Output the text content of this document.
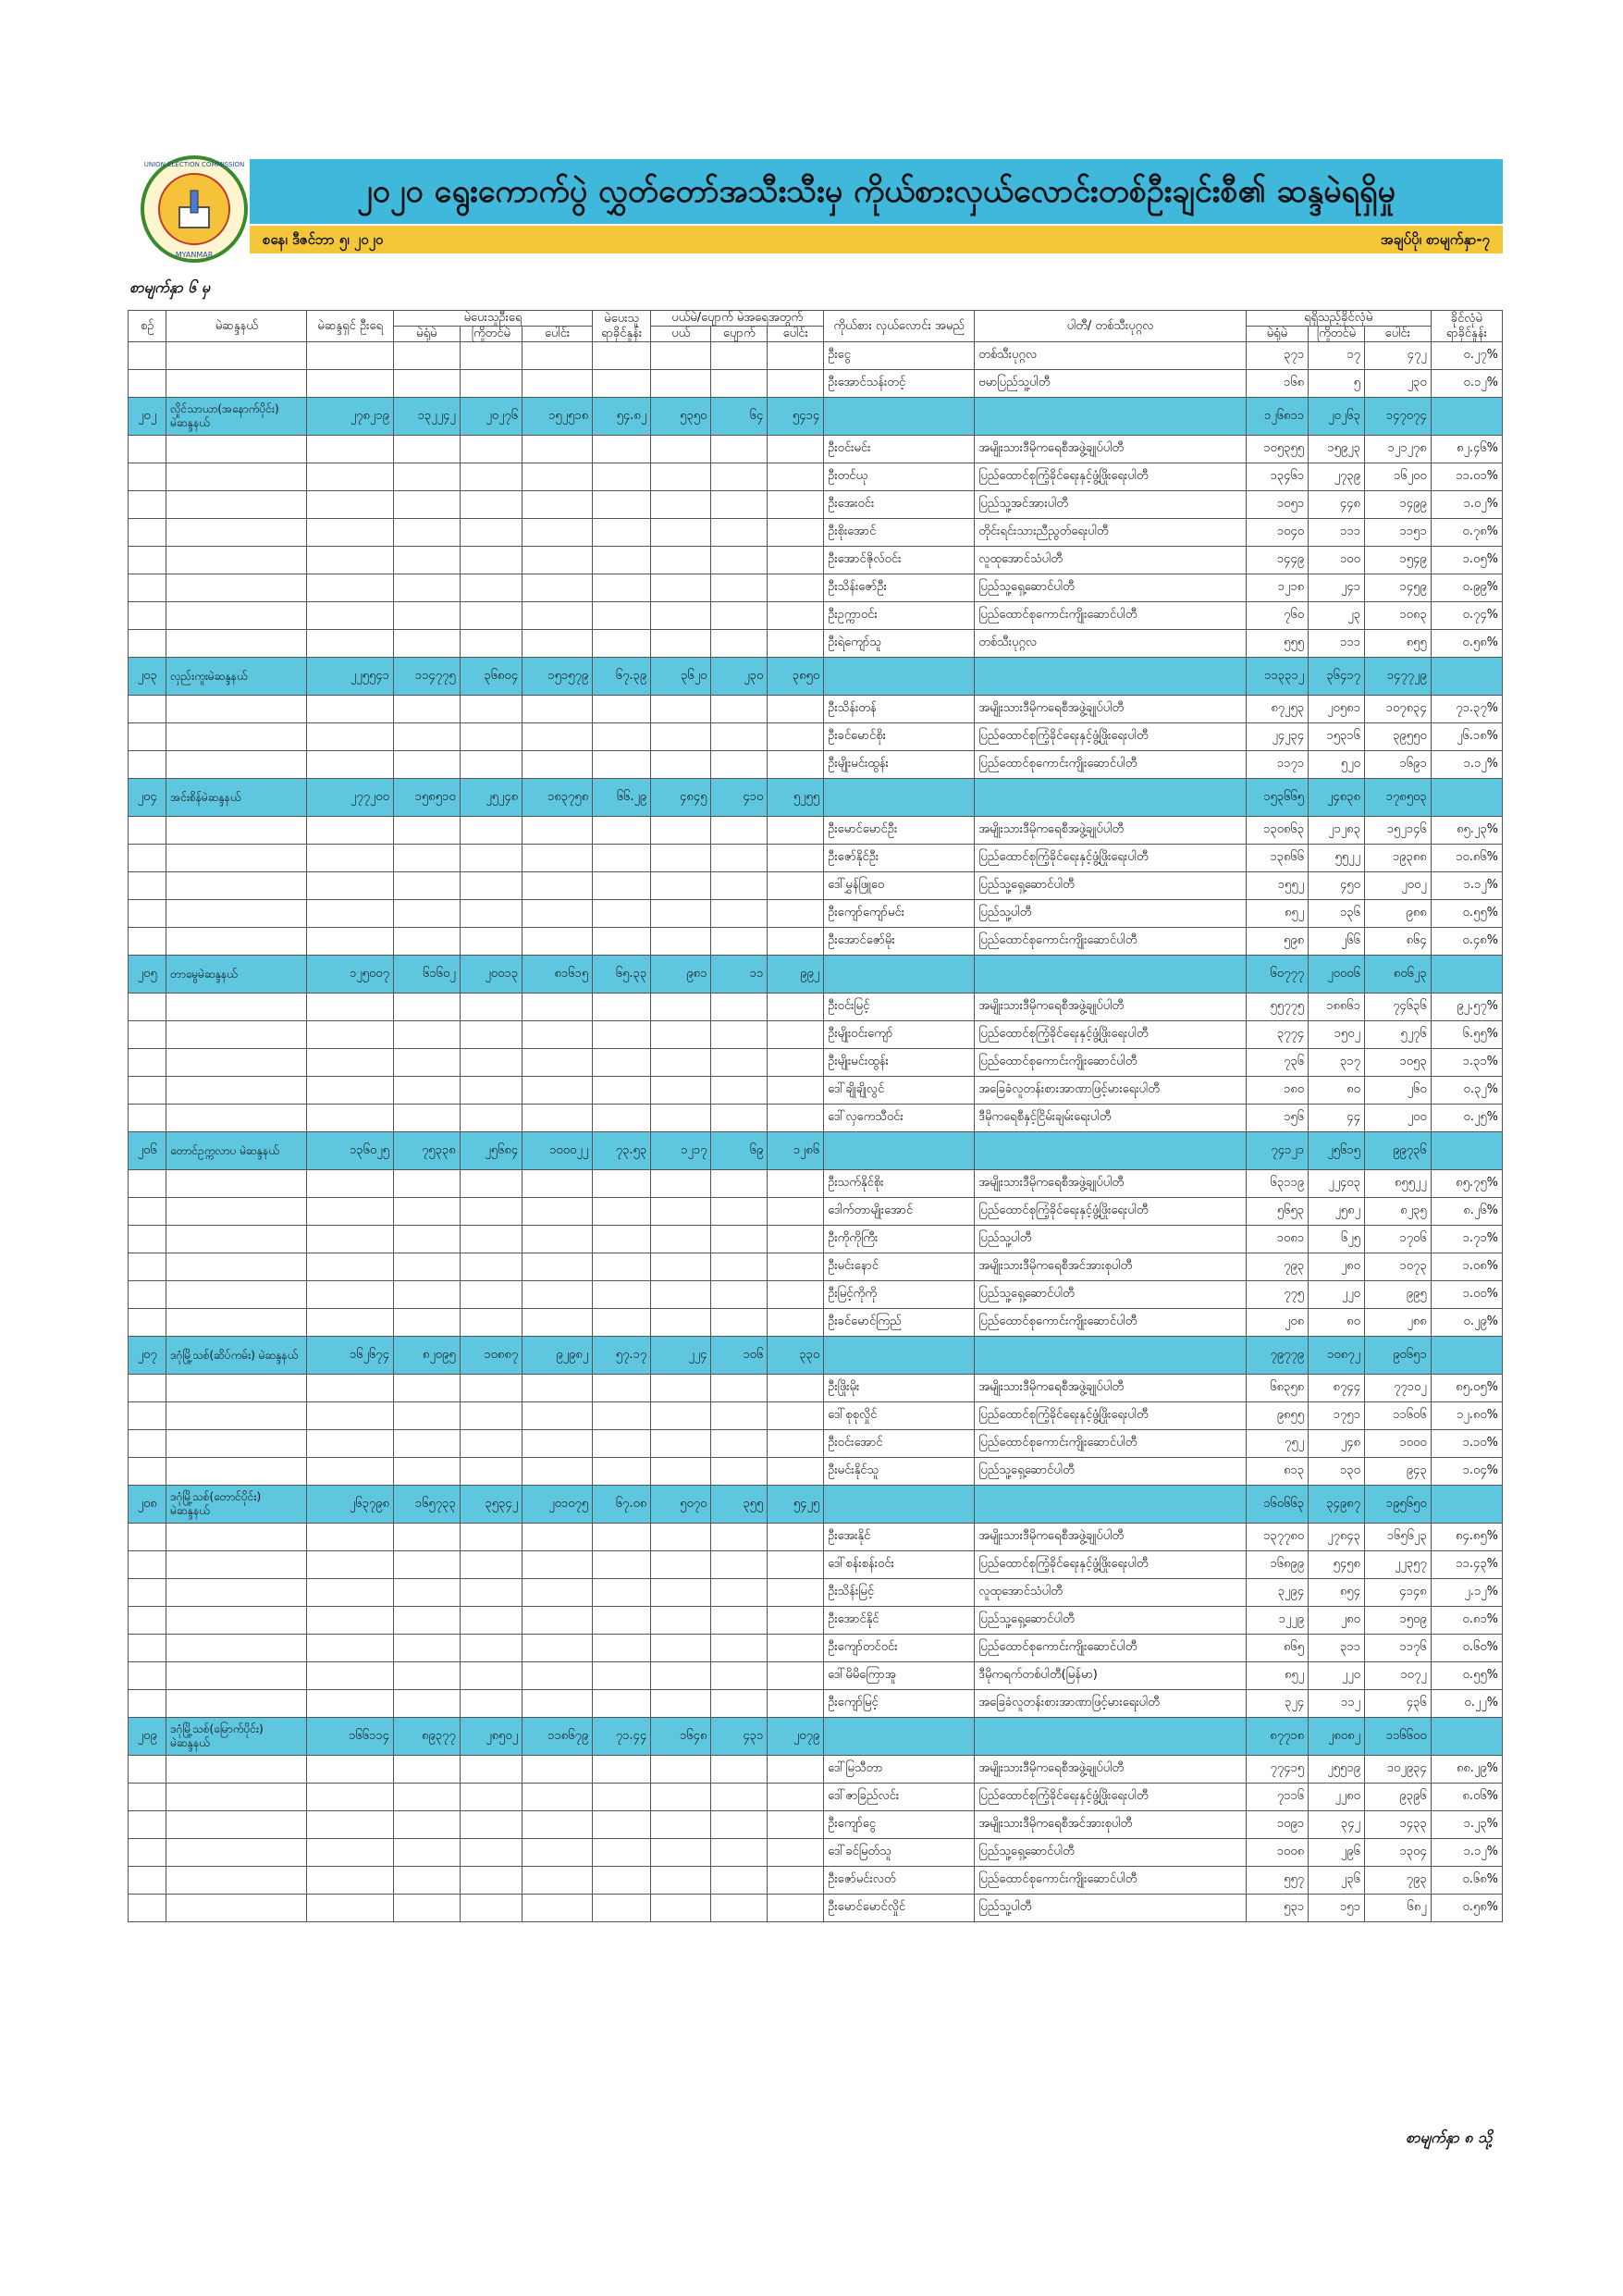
UNION ELECTION COMMISSION
MYANMAR
၂၀၂၀ ရွေးကောက်ပွဲ လွှတ်တော်အသီးသီးမှ ကိုယ်စားလှယ်လောင်းတစ်ဦးချင်းစီ၏ ဆန္ဒမဲရရှိမှု
စနေ၊ ဒီဇင်ဘာ ၅၊ ၂၀၂၀	အချပ်ပို၊ စာမျက်နှာ-၇
စာမျက်နှာ ၆ မှ
စဉ်	မဲဆန္ဒနယ်	မဲဆန္ဒရှင် ဦးရေ	မဲပေးသူဦးရေ			မဲပေးသူ ရာခိုင်နှုန်း	ပယ်မဲ/ပျောက် မဲအရေအတွက်			ကိုယ်စား လှယ်လောင်း အမည်	ပါတီ/ တစ်သီးပုဂ္ဂလ	ရရှိသည့်ခိုင်လုံမဲ			ခိုင်လုံမဲ ရာခိုင်နှုန်း
			မဲရုံမဲ	ကြိုတင်မဲ	ပေါင်း		ပယ်	ပျောက်	ပေါင်း			မဲရုံမဲ	ကြိုတင်မဲ	ပေါင်း	
										ဦးငွေ	တစ်သီးပုဂ္ဂလ	၃၇၁	၁၇	၄၇၂	၀.၂၇%
										ဦးအောင်သန်းတင့်	ဗမာပြည်သူ့ပါတီ	၁၆၈	၅	၂၃၀	၀.၁၂%
၂၀၂	လှိုင်သာယာ(အနောက်ပိုင်း) မဲဆန္ဒနယ်	၂၇၈၂၁၉	၁၃၂၂၄၂	၂၀၂၇၆	၁၅၂၅၁၈	၅၄.၈၂	၅၃၅၀	၆၄	၅၄၁၄			၁၂၆၈၁၁	၂၀၂၆၃	၁၄၇၀၇၄	
										ဦးဝင်းမင်း	အမျိုးသားဒီမိုကရေစီအဖွဲ့ချုပ်ပါတီ	၁၀၅၃၅၅	၁၅၉၂၃	၁၂၁၂၇၈	၈၂.၄၆%
										ဦးတင်ယု	ပြည်ထောင်စုကြံ့ခိုင်ရေးနှင့်ဖွံ့ဖြိုးရေးပါတီ	၁၃၄၆၁	၂၇၃၉	၁၆၂၀၀	၁၁.၀၁%
										ဦးအေးဝင်း	ပြည်သူ့အင်အားပါတီ	၁၀၅၁	၄၄၈	၁၄၉၉	၁.၀၂%
										ဦးစိုးအောင်	တိုင်းရင်းသားညီညွတ်ရေးပါတီ	၁၀၄၀	၁၁၁	၁၁၅၁	၀.၇၈%
										ဦးအောင်ဇိုလ်ဝင်း	လူထုအောင်သံပါတီ	၁၄၄၉	၁၀၀	၁၅၄၉	၁.၀၅%
										ဦးသိန်းဇော်ဦး	ပြည်သူ့ရှေ့ဆောင်ပါတီ	၁၂၁၈	၂၄၁	၁၄၅၉	၀.၉၉%
										ဦးဥက္ကာဝင်း	ပြည်ထောင်စုကောင်းကျိုးဆောင်ပါတီ	၇၆၀	၂၃	၁၀၈၃	၀.၇၄%
										ဦးရဲကျော်သူ	တစ်သီးပုဂ္ဂလ	၅၅၅	၁၁၁	၈၅၅	၀.၅၈%
၂၀၃	လှည်းကူးမဲဆန္ဒနယ်	၂၂၅၅၄၁	၁၁၄၇၇၅	၃၆၈၀၄	၁၅၁၅၇၉	၆၇.၃၉	၃၆၂၀	၂၃၀	၃၈၅၀			၁၁၃၃၁၂	၃၆၄၁၇	၁၄၇၇၂၉	
										ဦးသိန်းတန်	အမျိုးသားဒီမိုကရေစီအဖွဲ့ချုပ်ပါတီ	၈၇၂၅၃	၂၀၅၈၁	၁၀၇၈၃၄	၇၁.၃၇%
										ဦးခင်မောင်စိုး	ပြည်ထောင်စုကြံ့ခိုင်ရေးနှင့်ဖွံ့ဖြိုးရေးပါတီ	၂၄၂၃၄	၁၅၃၁၆	၃၉၅၅၀	၂၆.၁၈%
										ဦးမျိုးမင်းထွန်း	ပြည်ထောင်စုကောင်းကျိုးဆောင်ပါတီ	၁၁၇၁	၅၂၀	၁၆၉၁	၁.၁၂%
၂၀၄	အင်းစိန်မဲဆန္ဒနယ်	၂၇၇၂၀၀	၁၅၈၅၁၀	၂၅၂၄၈	၁၈၃၇၅၈	၆၆.၂၉	၄၈၄၅	၄၁၀	၅၂၅၅			၁၅၃၆၆၅	၂၄၈၃၈	၁၇၈၅၀၃	
										ဦးမောင်မောင်ဦး	အမျိုးသားဒီမိုကရေစီအဖွဲ့ချုပ်ပါတီ	၁၃၀၈၆၃	၂၁၂၈၃	၁၅၂၁၄၆	၈၅.၂၃%
										ဦးဇော်နိုင်ဦး	ပြည်ထောင်စုကြံ့ခိုင်ရေးနှင့်ဖွံ့ဖြိုးရေးပါတီ	၁၃၈၆၆	၅၅၂၂	၁၉၃၈၈	၁၀.၈၆%
										ဒေါ်မွှန်ဖြူဝေ	ပြည်သူ့ရှေ့ဆောင်ပါတီ	၁၅၅၂	၄၅၀	၂၀၀၂	၁.၁၂%
										ဦးကျော်ကျော်မင်း	ပြည်သူ့ပါတီ	၈၅၂	၁၃၆	၉၈၈	၀.၅၅%
										ဦးအောင်ဇော်မိုး	ပြည်ထောင်စုကောင်းကျိုးဆောင်ပါတီ	၅၉၈	၂၆၆	၈၆၄	၀.၄၈%
၂၀၅	တာမွေမဲဆန္ဒနယ်	၁၂၅၀၀၇	၆၁၆၀၂	၂၀၀၁၃	၈၁၆၁၅	၆၅.၃၃	၉၈၁	၁၁	၉၉၂			၆၀၇၇၇	၂၀၀၀၆	၈၀၆၂၃	
										ဦးဝင်းမြင့်	အမျိုးသားဒီမိုကရေစီအဖွဲ့ချုပ်ပါတီ	၅၅၇၇၅	၁၈၈၆၁	၇၄၆၃၆	၉၂.၅၇%
										ဦးမျိုးဝင်းကျော်	ပြည်ထောင်စုကြံ့ခိုင်ရေးနှင့်ဖွံ့ဖြိုးရေးပါတီ	၃၇၇၄	၁၅၀၂	၅၂၇၆	၆.၅၅%
										ဦးမျိုးမင်းထွန်း	ပြည်ထောင်စုကောင်းကျိုးဆောင်ပါတီ	၇၃၆	၃၁၇	၁၀၅၃	၁.၃၁%
										ဒေါ်ချိုချိုလွင်	အခြေခံလူတန်းစားအာဏာဖြင့်မားရေးပါတီ	၁၈၀	၈၀	၂၆၀	၀.၃၂%
										ဒေါ်လှကေသီဝင်း	ဒီမိုကရေစီနှင့်ငြိမ်းချမ်းရေးပါတီ	၁၅၆	၄၄	၂၀၀	၀.၂၅%
၂၀၆	တောင်ဥက္ကလာပ မဲဆန္ဒနယ်	၁၃၆၀၂၅	၇၅၃၃၈	၂၅၆၈၄	၁၀၀၀၂၂	၇၃.၅၃	၁၂၁၇	၆၉	၁၂၈၆			၇၄၁၂၁	၂၅၆၁၅	၉၉၇၃၆	
										ဦးသက်နိုင်စိုး	အမျိုးသားဒီမိုကရေစီအဖွဲ့ချုပ်ပါတီ	၆၃၁၁၉	၂၂၄၀၃	၈၅၅၂၂	၈၅.၇၅%
										ဒေါက်တာမျိုးအောင်	ပြည်ထောင်စုကြံ့ခိုင်ရေးနှင့်ဖွံ့ဖြိုးရေးပါတီ	၅၆၅၃	၂၅၈၂	၈၂၃၅	၈.၂၆%
										ဦးကိုကိုကြီး	ပြည်သူ့ပါတီ	၁၀၈၁	၆၂၅	၁၇၀၆	၁.၇၁%
										ဦးမင်းနောင်	အမျိုးသားဒီမိုကရေစီအင်အားစုပါတီ	၇၉၃	၂၈၀	၁၀၇၃	၁.၀၈%
										ဦးမြင့်ကိုကို	ပြည်သူ့ရှေ့ဆောင်ပါတီ	၇၇၅	၂၂၀	၉၉၅	၁.၀၀%
										ဦးခင်မောင်ကြည်	ပြည်ထောင်စုကောင်းကျိုးဆောင်ပါတီ	၂၀၈	၈၀	၂၈၈	၀.၂၉%
၂၀၇	ဒဂုံမြို့သစ်(ဆိပ်ကမ်း) မဲဆန္ဒနယ်	၁၆၂၆၇၄	၈၂၀၉၅	၁၀၈၈၇	၉၂၉၈၂	၅၇.၁၇	၂၂၄	၁၀၆	၃၃၀			၇၉၇၇၉	၁၀၈၇၂	၉၀၆၅၁	
										ဦးဖြိုးမိုး	အမျိုးသားဒီမိုကရေစီအဖွဲ့ချုပ်ပါတီ	၆၈၃၅၈	၈၇၄၄	၇၇၁၀၂	၈၅.၀၅%
										ဒေါ်စုစုလှိုင်	ပြည်ထောင်စုကြံ့ခိုင်ရေးနှင့်ဖွံ့ဖြိုးရေးပါတီ	၉၈၅၅	၁၇၅၁	၁၁၆၀၆	၁၂.၈၀%
										ဦးဝင်းအောင်	ပြည်ထောင်စုကောင်းကျိုးဆောင်ပါတီ	၇၅၂	၂၄၈	၁၀၀၀	၁.၁၀%
										ဦးမင်းနိုင်သူ	ပြည်သူ့ရှေ့ဆောင်ပါတီ	၈၁၃	၁၃၀	၉၄၃	၁.၀၄%
၂၀၈	ဒဂုံမြို့သစ်(တောင်ပိုင်း) မဲဆန္ဒနယ်	၂၆၃၇၉၈	၁၆၅၇၃၃	၃၅၃၄၂	၂၀၁၀၇၅	၆၇.၀၈	၅၀၇၀	၃၅၅	၅၄၂၅			၁၆၀၆၆၃	၃၄၉၈၇	၁၉၅၆၅၀	
										ဦးအေးနိုင်	အမျိုးသားဒီမိုကရေစီအဖွဲ့ချုပ်ပါတီ	၁၃၇၇၈၀	၂၇၈၄၃	၁၆၅၆၂၃	၈၄.၈၅%
										ဒေါ်စန်းစန်းဝင်း	ပြည်ထောင်စုကြံ့ခိုင်ရေးနှင့်ဖွံ့ဖြိုးရေးပါတီ	၁၆၈၉၉	၅၄၅၈	၂၂၃၅၇	၁၁.၄၃%
										ဦးသိန်းမြင့်	လူထုအောင်သံပါတီ	၃၂၉၄	၈၅၄	၄၁၄၈	၂.၁၂%
										ဦးအောင်နိုင်	ပြည်သူ့ရှေ့ဆောင်ပါတီ	၁၂၂၉	၂၈၀	၁၅၀၉	၀.၈၁%
										ဦးကျော်တင်ဝင်း	ပြည်ထောင်စုကောင်းကျိုးဆောင်ပါတီ	၈၆၅	၃၁၁	၁၁၇၆	၀.၆၀%
										ဒေါ်မိမိကြောအူ	ဒီမိုကရက်တစ်ပါတီ(မြန်မာ)	၈၅၂	၂၂၀	၁၀၇၂	၀.၅၅%
										ဦးကျော်မြင့်	အခြေခံလူတန်းစားအာဏာဖြင့်မားရေးပါတီ	၃၂၄	၁၁၂	၄၃၆	၀.၂၂%
၂၀၉	ဒဂုံမြို့သစ်(မြောက်ပိုင်း) မဲဆန္ဒနယ်	၁၆၆၁၁၄	၈၉၃၇၇	၂၈၅၀၂	၁၁၈၆၇၉	၇၁.၄၄	၁၆၄၈	၄၃၁	၂၀၇၉			၈၇၇၁၈	၂၈၀၈၂	၁၁၆၆၀၀	
										ဒေါ်မြသီတာ	အမျိုးသားဒီမိုကရေစီအဖွဲ့ချုပ်ပါတီ	၇၇၄၁၅	၂၅၅၁၉	၁၀၂၉၃၄	၈၈.၂၉%
										ဒေါ်ဇာခြည်လင်း	ပြည်ထောင်စုကြံ့ခိုင်ရေးနှင့်ဖွံ့ဖြိုးရေးပါတီ	၇၁၁၆	၂၂၈၀	၉၃၉၆	၈.၀၆%
										ဦးကျော်ငွေ	အမျိုးသားဒီမိုကရေစီအင်အားစုပါတီ	၁၀၉၁	၃၄၂	၁၄၃၃	၁.၂၃%
										ဒေါ်ခင်မြတ်သူ	ပြည်သူ့ရှေ့ဆောင်ပါတီ	၁၀၀၈	၂၉၆	၁၃၀၄	၁.၁၂%
										ဦးဇော်မင်းလတ်	ပြည်ထောင်စုကောင်းကျိုးဆောင်ပါတီ	၅၅၇	၂၃၆	၇၉၃	၀.၆၈%
										ဦးမောင်မောင်လှိုင်	ပြည်သူ့ပါတီ	၅၃၁	၁၅၁	၆၈၂	၀.၅၈%
စာမျက်နှာ ၈ သို့
